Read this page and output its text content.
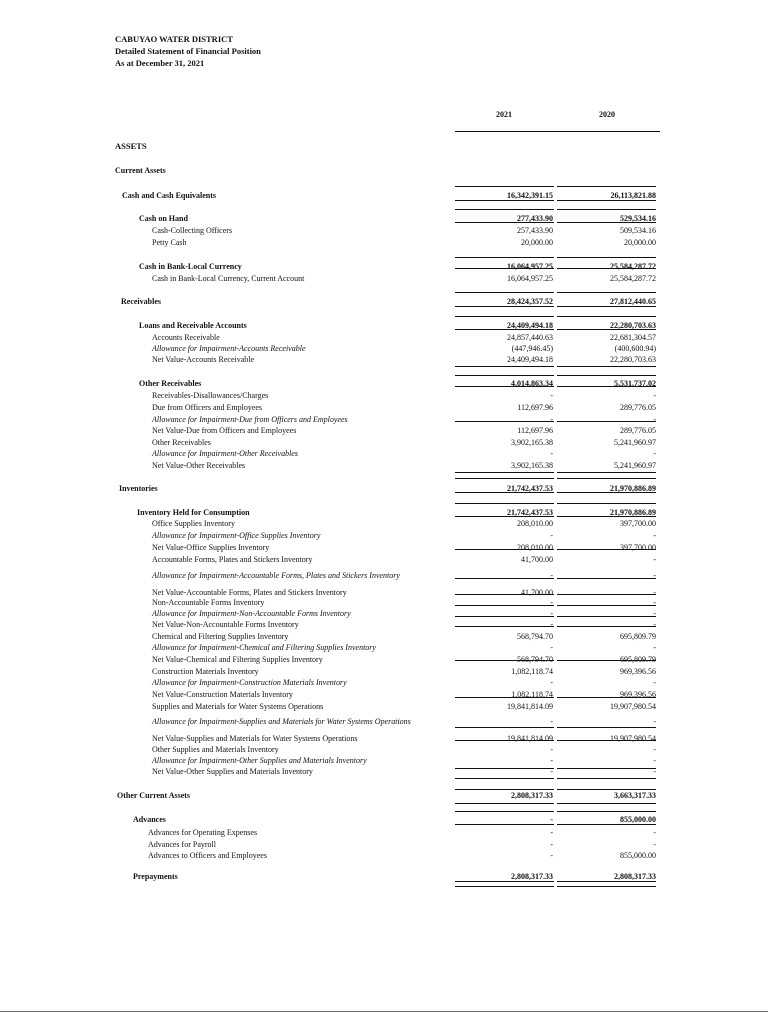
CABUYAO WATER DISTRICT
Detailed Statement of Financial Position
As at December 31, 2021
2021	2020
ASSETS
Current Assets
Cash and Cash Equivalents	16,342,391.15	26,113,821.88
Cash on Hand	277,433.90	529,534.16
Cash-Collecting Officers	257,433.90	509,534.16
Petty Cash	20,000.00	20,000.00
Cash in Bank-Local Currency	16,064,957.25	25,584,287.72
Cash in Bank-Local Currency, Current Account	16,064,957.25	25,584,287.72
Receivables	28,424,357.52	27,812,440.65
Loans and Receivable Accounts	24,409,494.18	22,280,703.63
Accounts Receivable	24,857,440.63	22,681,304.57
Allowance for Impairment-Accounts Receivable	(447,946.45)	(400,600.94)
Net Value-Accounts Receivable	24,409,494.18	22,280,703.63
Other Receivables	4,014,863.34	5,531,737.02
Receivables-Disallowances/Charges	-	-
Due from Officers and Employees	112,697.96	289,776.05
Allowance for Impairment-Due from Officers and Employees	-	-
Net Value-Due from Officers and Employees	112,697.96	289,776.05
Other Receivables	3,902,165.38	5,241,960.97
Allowance for Impairment-Other Receivables	-	-
Net Value-Other Receivables	3,902,165.38	5,241,960.97
Inventories	21,742,437.53	21,970,886.89
Inventory Held for Consumption	21,742,437.53	21,970,886.89
Office Supplies Inventory	208,010.00	397,700.00
Allowance for Impairment-Office Supplies Inventory	-	-
Net Value-Office Supplies Inventory	208,010.00	397,700.00
Accountable Forms, Plates and Stickers Inventory	41,700.00	-
Allowance for Impairment-Accountable Forms, Plates and Stickers Inventory	-	-
Net Value-Accountable Forms, Plates and Stickers Inventory	41,700.00	-
Non-Accountable Forms Inventory	-	-
Allowance for Impairment-Non-Accountable Forms Inventory	-	-
Net Value-Non-Accountable Forms Inventory	-	-
Chemical and Filtering Supplies Inventory	568,794.70	695,809.79
Allowance for Impairment-Chemical and Filtering Supplies Inventory	-	-
Net Value-Chemical and Filtering Supplies Inventory	568,794.70	695,809.79
Construction Materials Inventory	1,082,118.74	969,396.56
Allowance for Impairment-Construction Materials Inventory	-	-
Net Value-Construction Materials Inventory	1,082,118.74	969,396.56
Supplies and Materials for Water Systems Operations	19,841,814.09	19,907,980.54
Allowance for Impairment-Supplies and Materials for Water Systems Operations	-	-
Net Value-Supplies and Materials for Water Systems Operations	19,841,814.09	19,907,980.54
Other Supplies and Materials Inventory	-	-
Allowance for Impairment-Other Supplies and Materials Inventory	-	-
Net Value-Other Supplies and Materials Inventory	-	-
Other Current Assets	2,808,317.33	3,663,317.33
Advances	-	855,000.00
Advances for Operating Expenses	-	-
Advances for Payroll	-	-
Advances to Officers and Employees	-	855,000.00
Prepayments	2,808,317.33	2,808,317.33
